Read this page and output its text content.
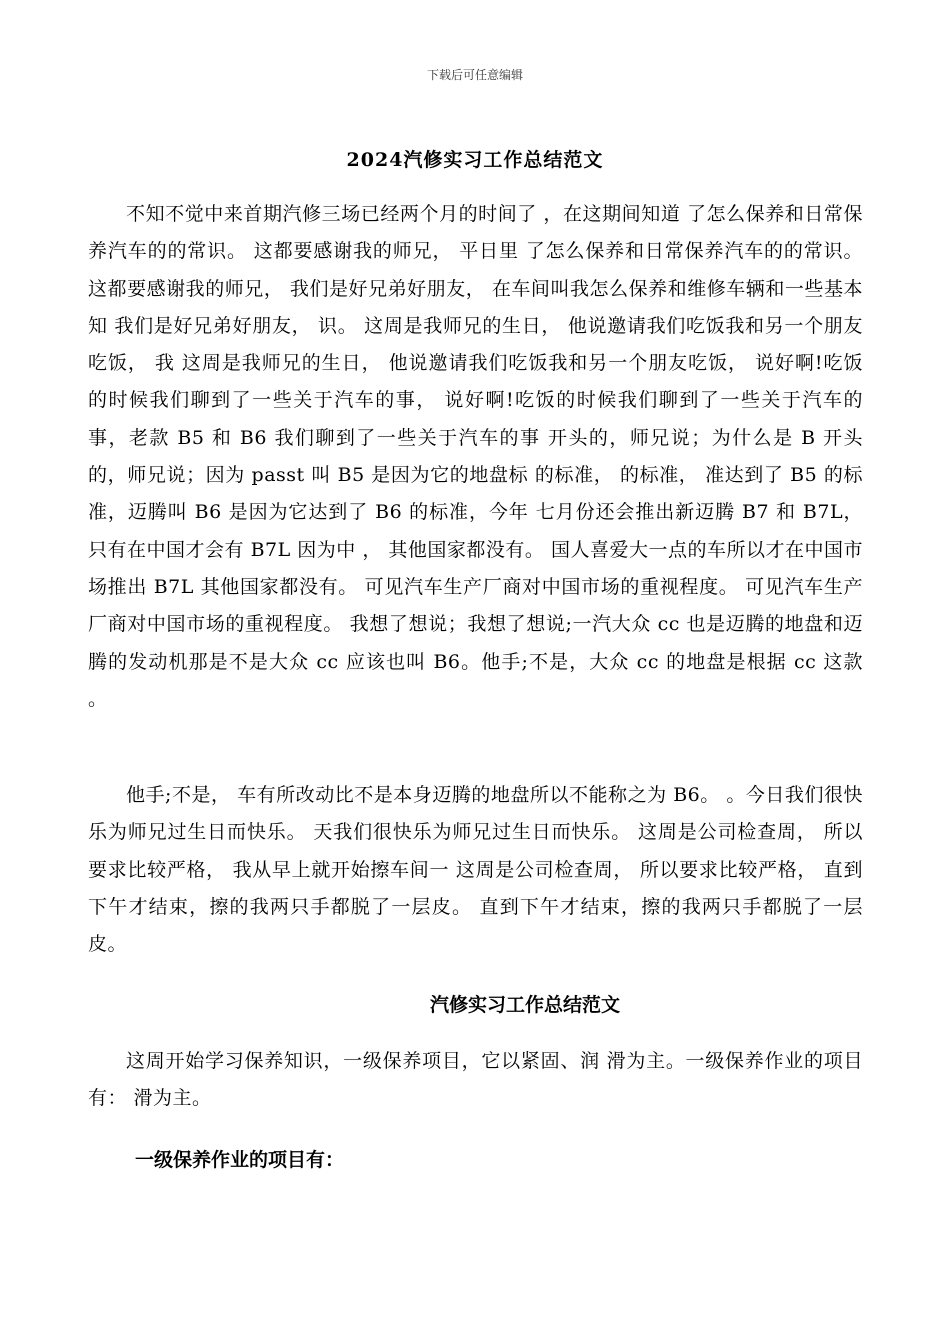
下载后可任意编辑
2024汽修实习工作总结范文

不知不觉中来首期汽修三场已经两个月的时间了 ，在这期间知道 了怎么保养和日常保养汽车的的常识。 这都要感谢我的师兄， 平日里 了怎么保养和日常保养汽车的的常识。 这都要感谢我的师兄， 我们是好兄弟好朋友， 在车间叫我怎么保养和维修车辆和一些基本知 我们是好兄弟好朋友， 识。 这周是我师兄的生日， 他说邀请我们吃饭我和另一个朋友吃饭， 我 这周是我师兄的生日， 他说邀请我们吃饭我和另一个朋友吃饭， 说好啊!吃饭的时候我们聊到了一些关于汽车的事， 说好啊!吃饭的时候我们聊到了一些关于汽车的事，老款 B5 和 B6 我们聊到了一些关于汽车的事 开头的，师兄说；为什么是 B 开头的，师兄说；因为 passt 叫 B5 是因为它的地盘标 的标准， 的标准， 准达到了 B5 的标准，迈腾叫 B6 是因为它达到了 B6 的标准，今年 七月份还会推出新迈腾 B7 和 B7L，只有在中国才会有 B7L 因为中 ， 其他国家都没有。 国人喜爱大一点的车所以才在中国市场推出 B7L 其他国家都没有。 可见汽车生产厂商对中国市场的重视程度。 可见汽车生产厂商对中国市场的重视程度。 我想了想说；我想了想说;一汽大众 cc 也是迈腾的地盘和迈腾的发动机那是不是大众 cc 应该也叫 B6。他手;不是，大众 cc 的地盘是根据 cc 这款 。

他手;不是， 车有所改动比不是本身迈腾的地盘所以不能称之为 B6。 。今日我们很快乐为师兄过生日而快乐。 天我们很快乐为师兄过生日而快乐。 这周是公司检查周， 所以要求比较严格， 我从早上就开始擦车间一 这周是公司检查周， 所以要求比较严格， 直到下午才结束，擦的我两只手都脱了一层皮。 直到下午才结束，擦的我两只手都脱了一层皮。

汽修实习工作总结范文

这周开始学习保养知识，一级保养项目，它以紧固、润 滑为主。一级保养作业的项目有： 滑为主。

一级保养作业的项目有：
